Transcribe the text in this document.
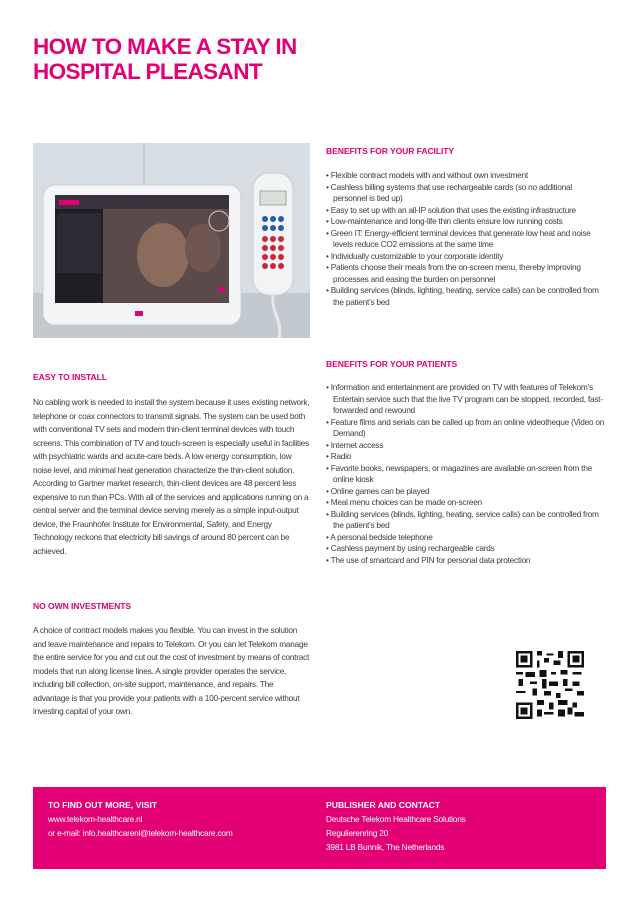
HOW TO MAKE A STAY IN HOSPITAL PLEASANT
BENEFITS FOR YOUR FACILITY
• Flexible contract models with and without own investment
• Cashless billing systems that use rechargeable cards (so no additional personnel is tied up)
• Easy to set up with an all-IP solution that uses the existing infrastructure
• Low-maintenance and long-life thin clients ensure low running costs
• Green IT: Energy-efficient terminal devices that generate low heat and noise levels reduce CO2 emissions at the same time
• Individually customizable to your corporate identity
• Patients choose their meals from the on-screen menu, thereby improving processes and easing the burden on personnel
• Building services (blinds, lighting, heating, service calls) can be controlled from the patient’s bed
BENEFITS FOR YOUR PATIENTS
• Information and entertainment are provided on TV with features of Telekom’s Entertain service such that the live TV program can be stopped, recorded, fast-forwarded and rewound
• Feature films and serials can be called up from an online videotheque (Video on Demand)
• Internet access
• Radio
• Favorite books, newspapers, or magazines are available on-screen from the online kiosk
• Online games can be played
• Meal menu choices can be made on-screen
• Building services (blinds, lighting, heating, service calls) can be controlled from the patient’s bed
• A personal bedside telephone
• Cashless payment by using rechargeable cards
• The use of smartcard and PIN for personal data protection
EASY TO INSTALL

No cabling work is needed to install the system because it uses existing network, telephone or coax connectors to transmit signals. The system can be used both with conventional TV sets and modern thin-client terminal devices with touch screens. This combination of TV and touch-screen is especially useful in facilities with psychiatric wards and acute-care beds. A low energy consumption, low noise level, and minimal heat generation characterize the thin-client solution. According to Gartner market research, thin-client devices are 48 percent less expensive to run than PCs. With all of the services and applications running on a central server and the terminal device serving merely as a simple input-output device, the Fraunhofer Institute for Environmental, Safety, and Energy Technology reckons that electricity bill savings of around 80 percent can be achieved.

NO OWN INVESTMENTS

A choice of contract models makes you flexible. You can invest in the solution and leave maintenance and repairs to Telekom. Or you can let Telekom manage the entire service for you and cut out the cost of investment by means of contract models that run along license lines. A single provider operates the service, including bill collection, on-site support, maintenance, and repairs. The advantage is that you provide your patients with a 100-percent service without investing capital of your own.

TO FIND OUT MORE, VISIT

www.telekom-healthcare.nl

or e-mail: info.healthcarenl@telekom-healthcare.com

PUBLISHER AND CONTACT

Deutsche Telekom Healthcare Solutions

Regulierenring 20

3981 LB Bunnik, The Netherlands
